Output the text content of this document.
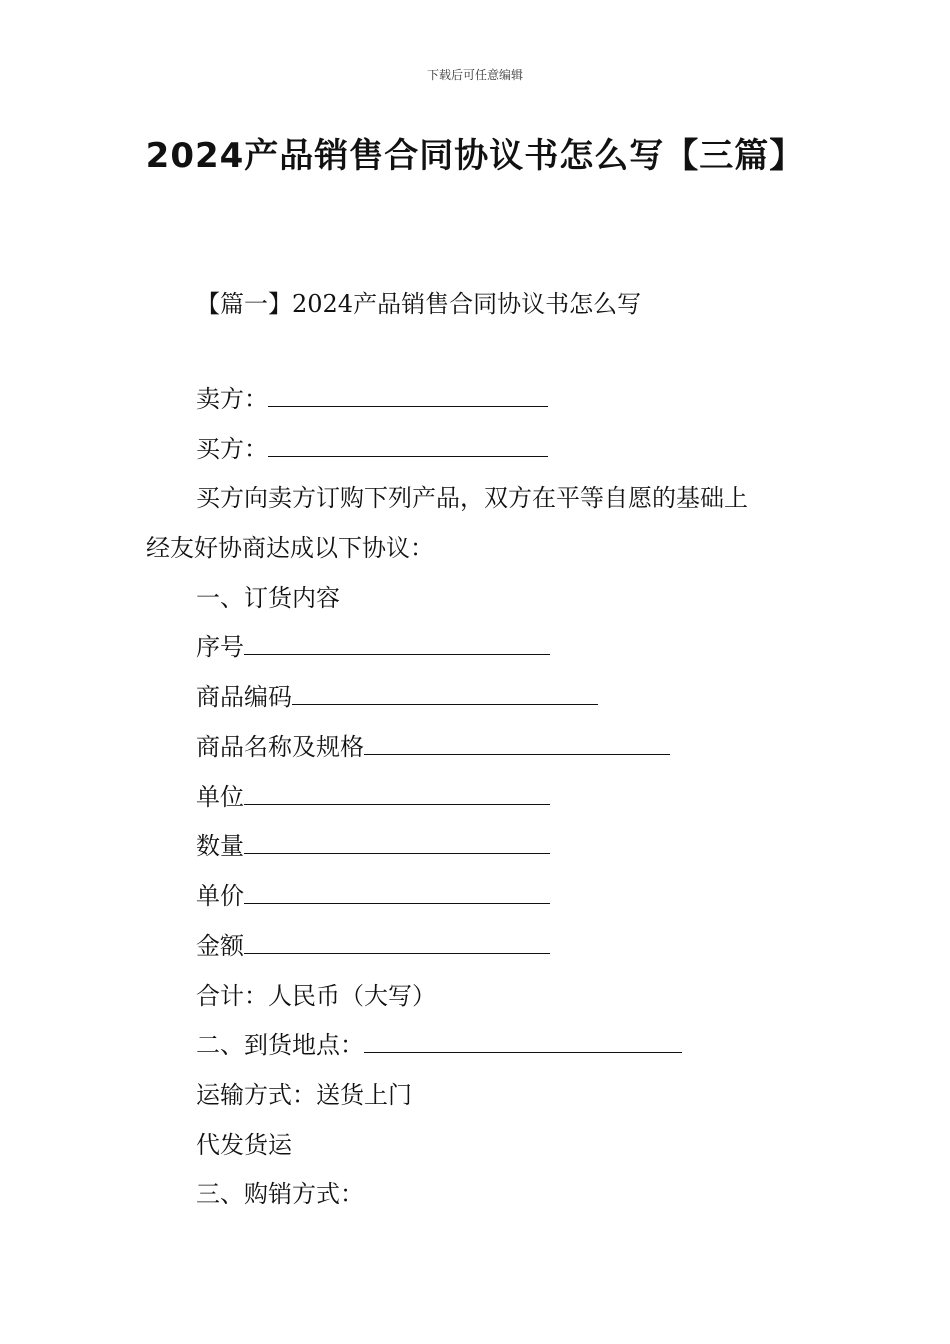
下载后可任意编辑
2024产品销售合同协议书怎么写【三篇】
【篇一】2024产品销售合同协议书怎么写
卖方：
买方：
买方向卖方订购下列产品，双方在平等自愿的基础上
经友好协商达成以下协议：
一、订货内容
序号
商品编码
商品名称及规格
单位
数量
单价
金额
合计：人民币（大写）
二、到货地点：
运输方式：送货上门
代发货运
三、购销方式：
